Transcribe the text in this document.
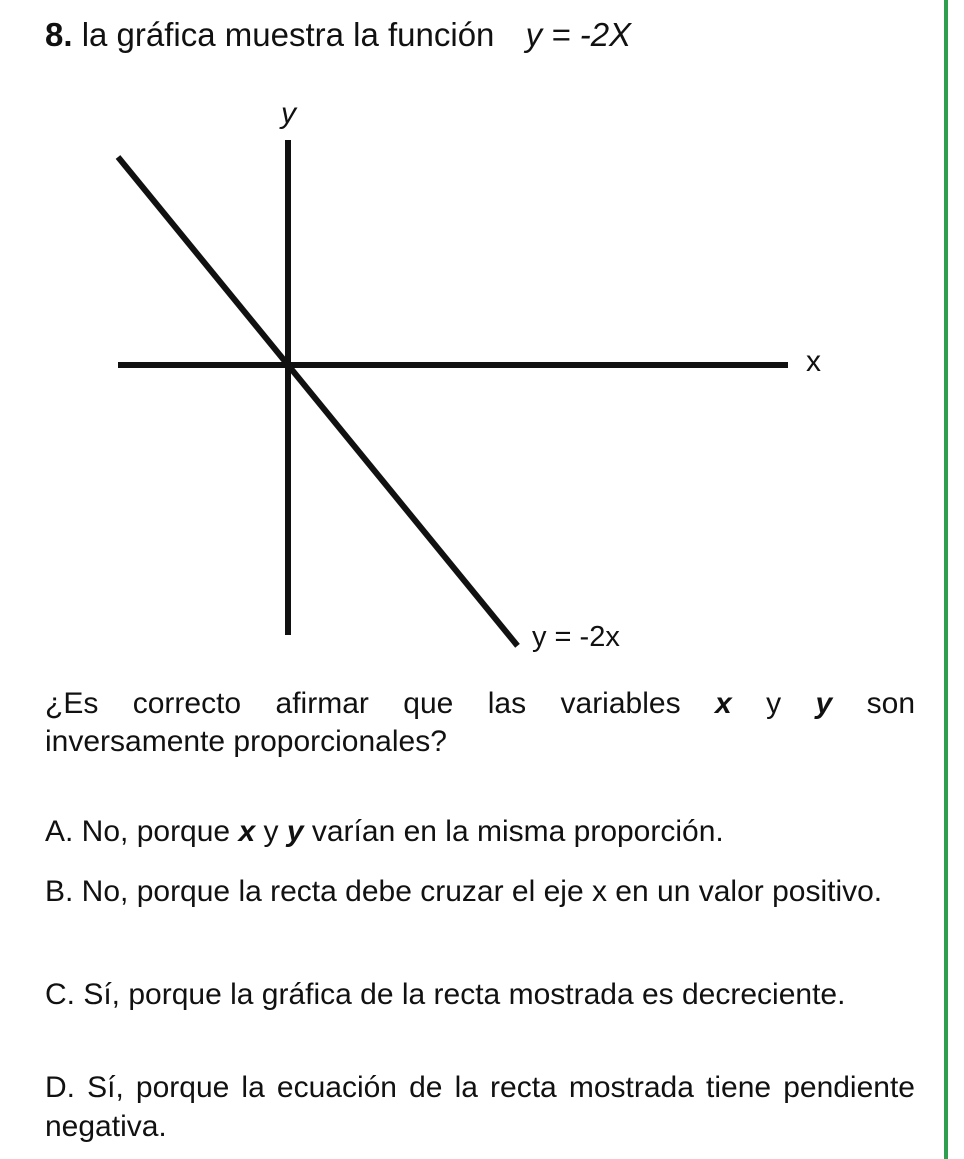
8. la gráfica muestra la función y = -2X
y
x
y = -2x
¿Es correcto afirmar que las variables x y y son
inversamente proporcionales?
A. No, porque x y y varían en la misma proporción.
B. No, porque la recta debe cruzar el eje x en un valor positivo.
C. Sí, porque la gráfica de la recta mostrada es decreciente.
D. Sí, porque la ecuación de la recta mostrada tiene pendiente negativa.
